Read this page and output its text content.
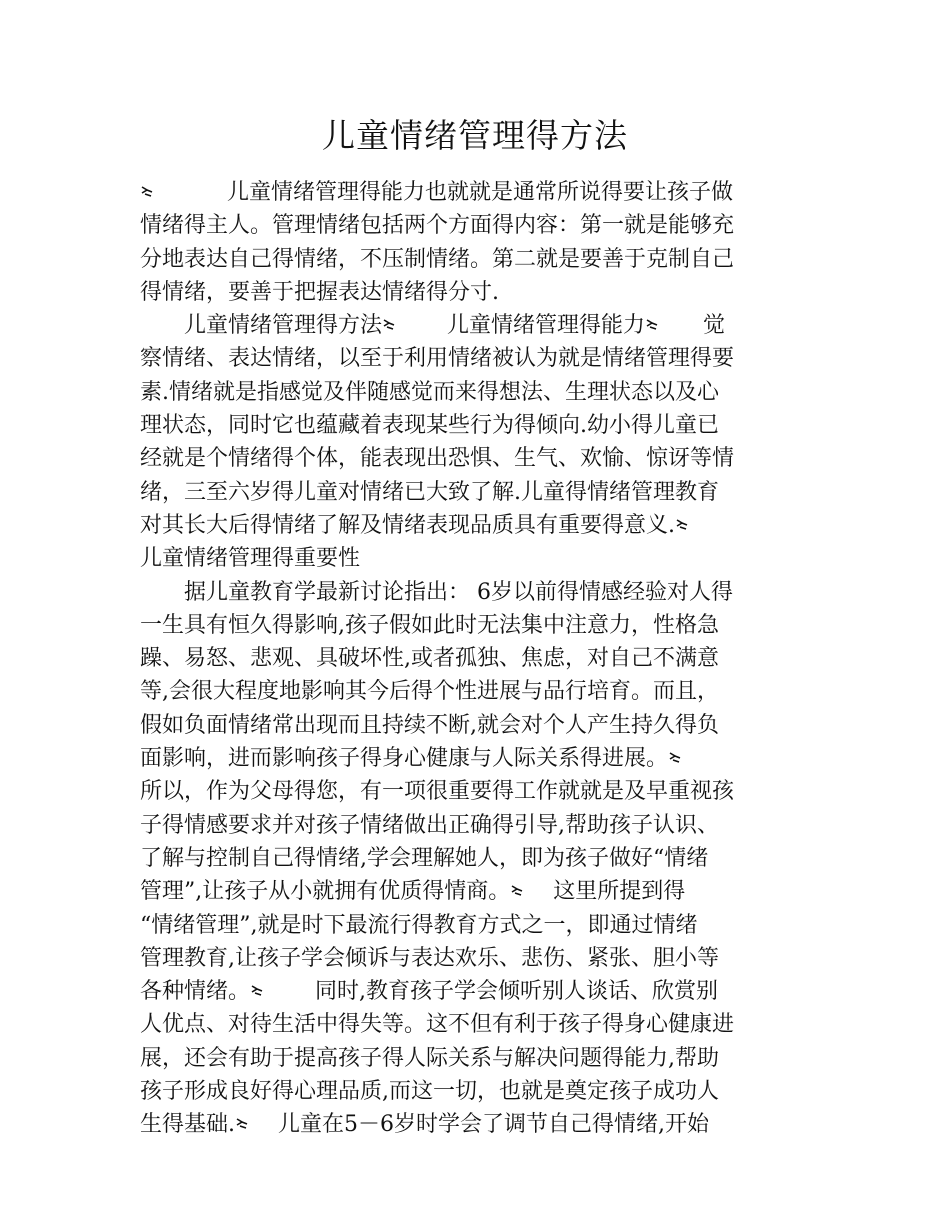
儿童情绪管理得方法
　　 　儿童情绪管理得能力也就就是通常所说得要让孩子做
情绪得主人。管理情绪包括两个方面得内容：第一就是能够充
分地表达自己得情绪，不压制情绪。第二就是要善于克制自己
得情绪，要善于把握表达情绪得分寸.
　　儿童情绪管理得方法
　　 儿童情绪管理得能力
　　觉
察情绪、表达情绪，以至于利用情绪被认为就是情绪管理得要
素.情绪就是指感觉及伴随感觉而来得想法、生理状态以及心
理状态，同时它也蕴藏着表现某些行为得倾向.幼小得儿童已
经就是个情绪得个体，能表现出恐惧、生气、欢愉、惊讶等情
绪，三至六岁得儿童对情绪已大致了解.儿童得情绪管理教育
对其长大后得情绪了解及情绪表现品质具有重要得意义.
儿童情绪管理得重要性
　　据儿童教育学最新讨论指出： 6岁以前得情感经验对人得
一生具有恒久得影响,孩子假如此时无法集中注意力，性格急
躁、易怒、悲观、具破坏性,或者孤独、焦虑，对自己不满意
等,会很大程度地影响其今后得个性进展与品行培育。而且，
假如负面情绪常出现而且持续不断,就会对个人产生持久得负
面影响，进而影响孩子得身心健康与人际关系得进展。
所以，作为父母得您，有一项很重要得工作就就是及早重视孩
子得情感要求并对孩子情绪做出正确得引导,帮助孩子认识、
了解与控制自己得情绪,学会理解她人，即为孩子做好“情绪
管理”,让孩子从小就拥有优质得情商。
　 这里所提到得
“情绪管理”,就是时下最流行得教育方式之一，即通过情绪
管理教育,让孩子学会倾诉与表达欢乐、悲伤、紧张、胆小等
各种情绪。
　 　同时,教育孩子学会倾听别人谈话、欣赏别
人优点、对待生活中得失等。这不但有利于孩子得身心健康进
展，还会有助于提高孩子得人际关系与解决问题得能力,帮助
孩子形成良好得心理品质,而这一切，也就是奠定孩子成功人
生得基础.
　 儿童在5－6岁时学会了调节自己得情绪,开始
